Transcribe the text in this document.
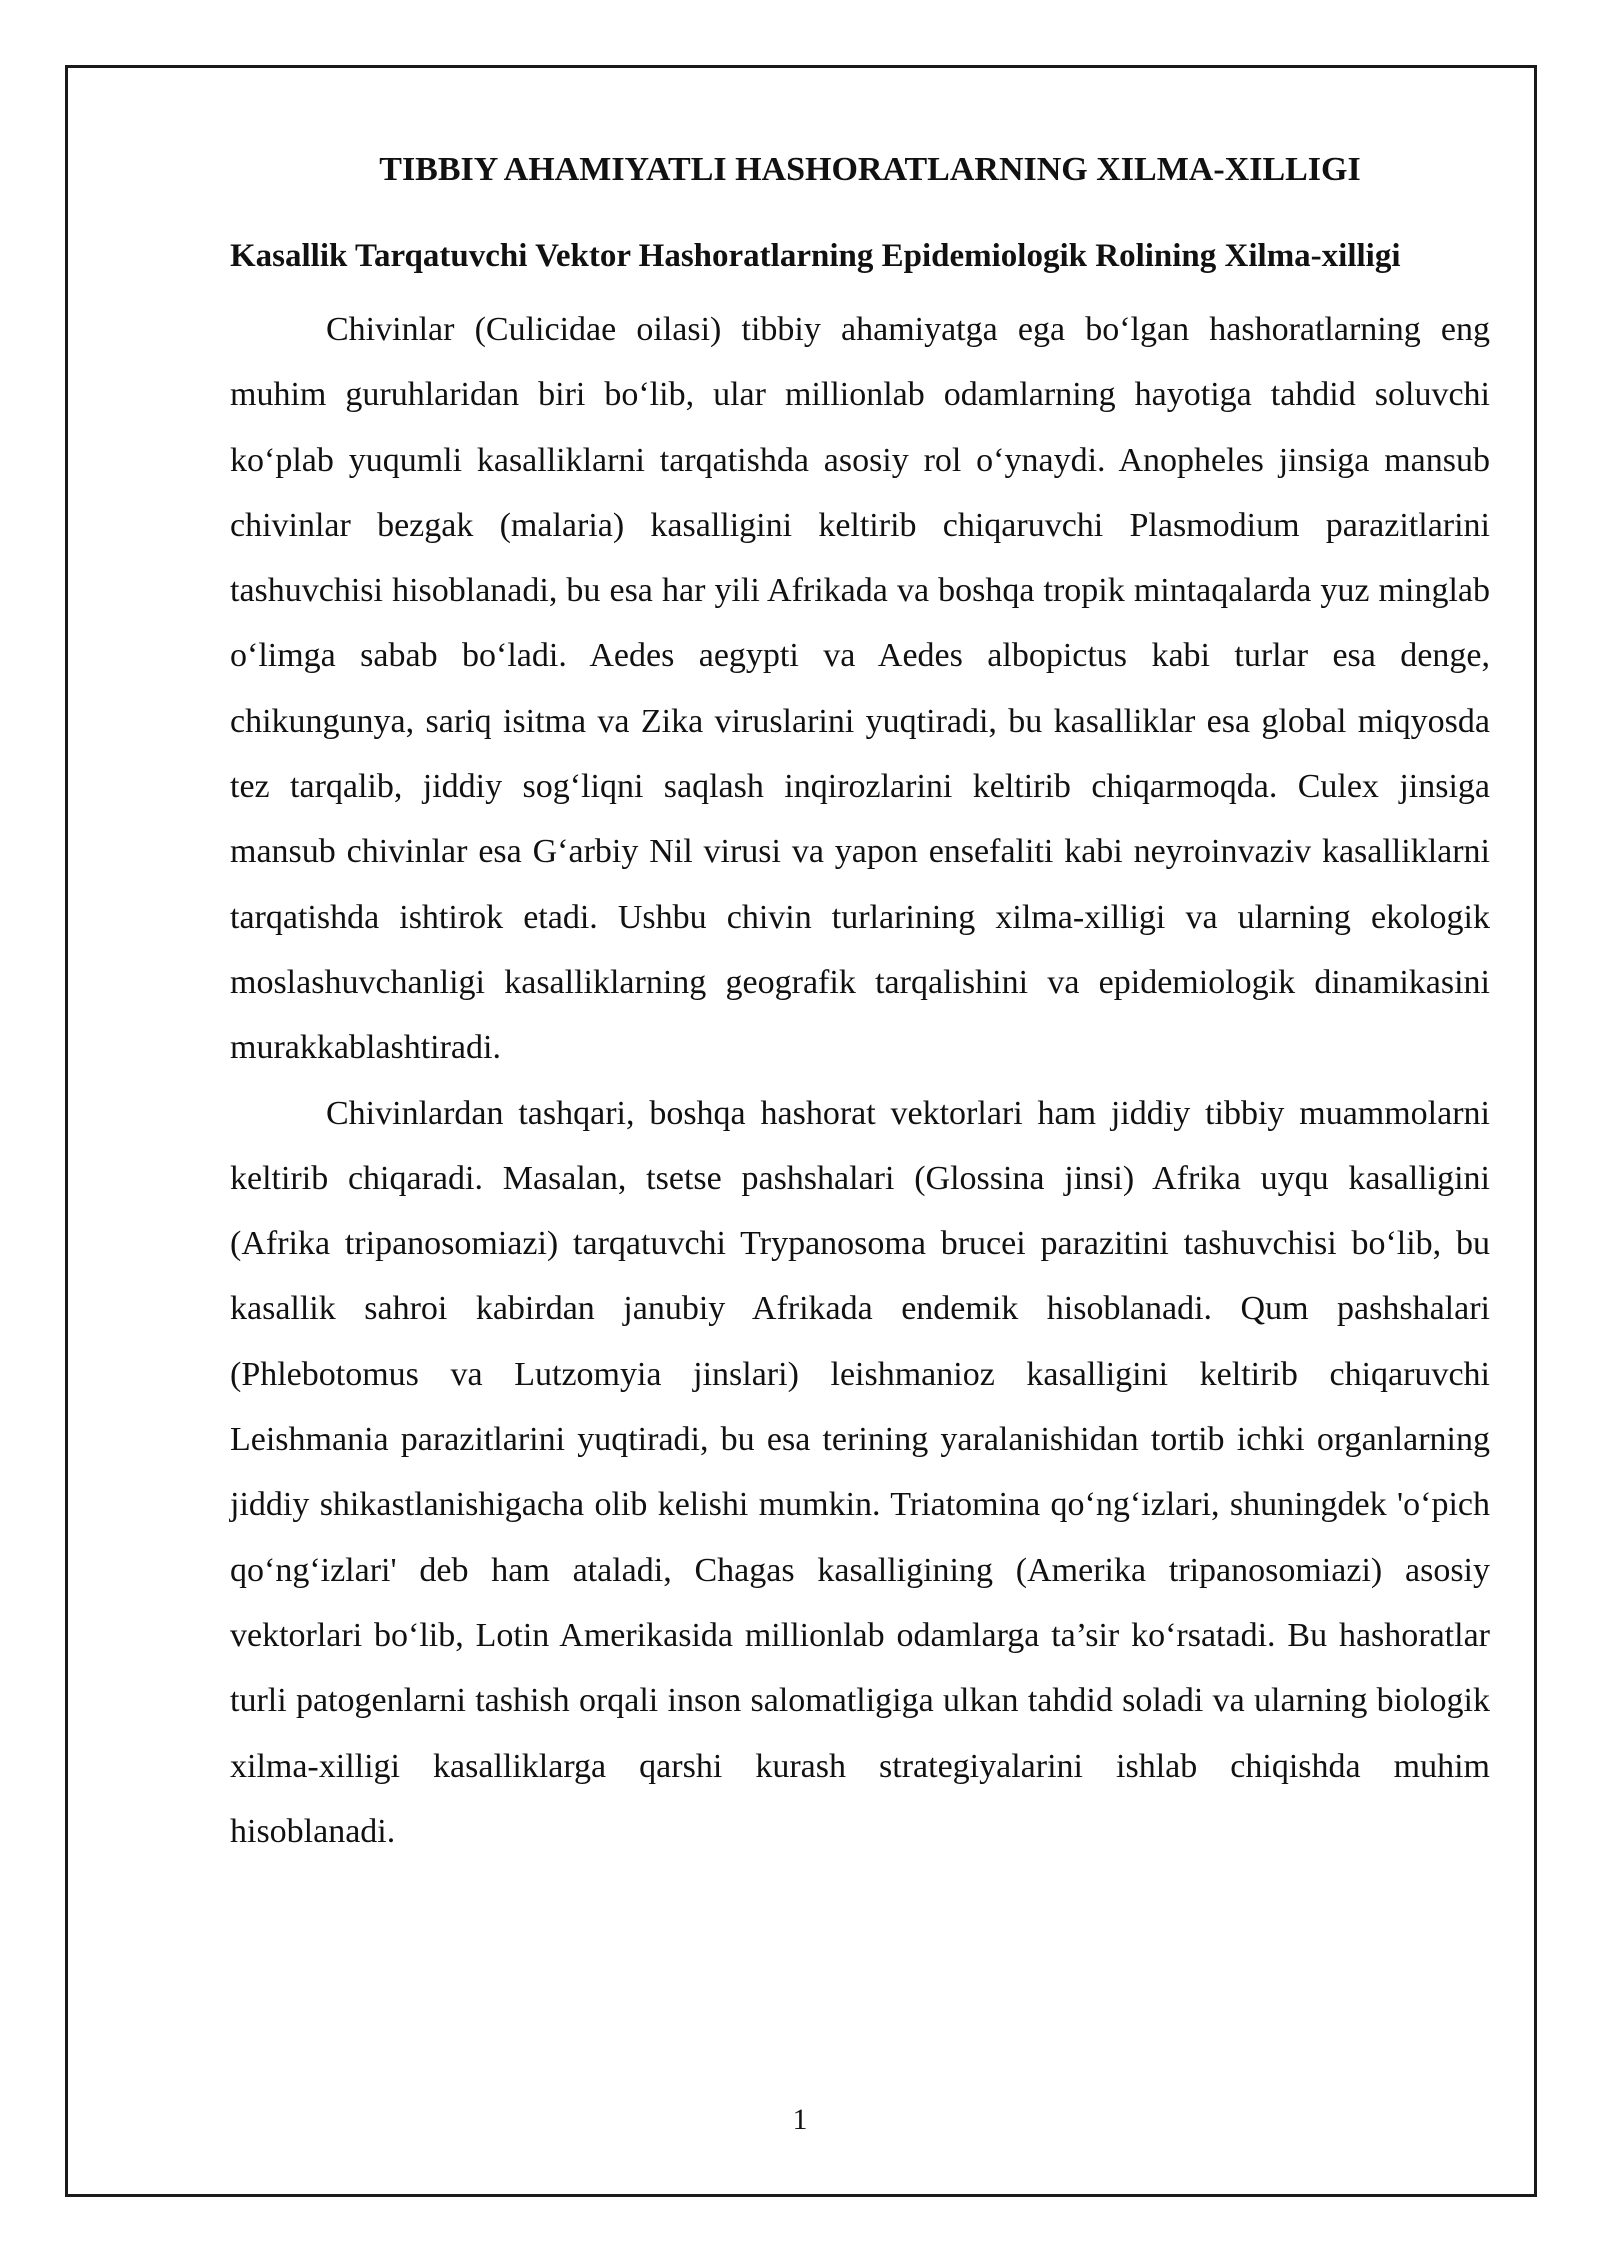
TIBBIY AHAMIYATLI HASHORATLARNING XILMA-XILLIGI
Kasallik Tarqatuvchi Vektor Hashoratlarning Epidemiologik Rolining Xilma-xilligi

Chivinlar (Culicidae oilasi) tibbiy ahamiyatga ega bo‘lgan hashoratlarning eng muhim guruhlaridan biri bo‘lib, ular millionlab odamlarning hayotiga tahdid soluvchi ko‘plab yuqumli kasalliklarni tarqatishda asosiy rol o‘ynaydi. Anopheles jinsiga mansub chivinlar bezgak (malaria) kasalligini keltirib chiqaruvchi Plasmodium parazitlarini tashuvchisi hisoblanadi, bu esa har yili Afrikada va boshqa tropik mintaqalarda yuz minglab o‘limga sabab bo‘ladi. Aedes aegypti va Aedes albopictus kabi turlar esa denge, chikungunya, sariq isitma va Zika viruslarini yuqtiradi, bu kasalliklar esa global miqyosda tez tarqalib, jiddiy sog‘liqni saqlash inqirozlarini keltirib chiqarmoqda. Culex jinsiga mansub chivinlar esa G‘arbiy Nil virusi va yapon ensefaliti kabi neyroinvaziv kasalliklarni tarqatishda ishtirok etadi. Ushbu chivin turlarining xilma-xilligi va ularning ekologik moslashuvchanligi kasalliklarning geografik tarqalishini va epidemiologik dinamikasini murakkablashtiradi.

Chivinlardan tashqari, boshqa hashorat vektorlari ham jiddiy tibbiy muammolarni keltirib chiqaradi. Masalan, tsetse pashshalari (Glossina jinsi) Afrika uyqu kasalligini (Afrika tripanosomiazi) tarqatuvchi Trypanosoma brucei parazitini tashuvchisi bo‘lib, bu kasallik sahroi kabirdan janubiy Afrikada endemik hisoblanadi. Qum pashshalari (Phlebotomus va Lutzomyia jinslari) leishmanioz kasalligini keltirib chiqaruvchi Leishmania parazitlarini yuqtiradi, bu esa terining yaralanishidan tortib ichki organlarning jiddiy shikastlanishigacha olib kelishi mumkin. Triatomina qo‘ng‘izlari, shuningdek 'o‘pich qo‘ng‘izlari' deb ham ataladi, Chagas kasalligining (Amerika tripanosomiazi) asosiy vektorlari bo‘lib, Lotin Amerikasida millionlab odamlarga ta’sir ko‘rsatadi. Bu hashoratlar turli patogenlarni tashish orqali inson salomatligiga ulkan tahdid soladi va ularning biologik xilma-xilligi kasalliklarga qarshi kurash strategiyalarini ishlab chiqishda muhim hisoblanadi.

1
